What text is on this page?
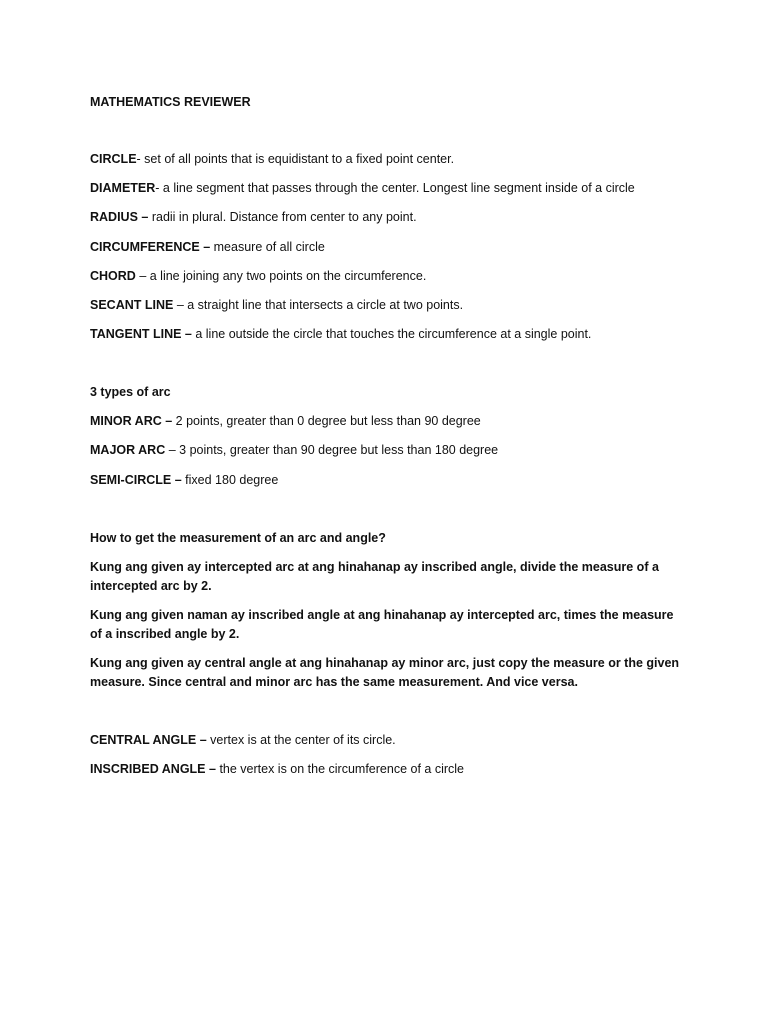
MATHEMATICS REVIEWER
CIRCLE- set of all points that is equidistant to a fixed point center.
DIAMETER- a line segment that passes through the center. Longest line segment inside of a circle
RADIUS – radii in plural. Distance from center to any point.
CIRCUMFERENCE – measure of all circle
CHORD – a line joining any two points on the circumference.
SECANT LINE – a straight line that intersects a circle at two points.
TANGENT LINE – a line outside the circle that touches the circumference at a single point.
3 types of arc
MINOR ARC – 2 points, greater than 0 degree but less than 90 degree
MAJOR ARC – 3 points, greater than 90 degree but less than 180 degree
SEMI-CIRCLE – fixed 180 degree
How to get the measurement of an arc and angle?
Kung ang given ay intercepted arc at ang hinahanap ay inscribed angle, divide the measure of a intercepted arc by 2.
Kung ang given naman ay inscribed angle at ang hinahanap ay intercepted arc, times the measure of a inscribed angle by 2.
Kung ang given ay central angle at ang hinahanap ay minor arc, just copy the measure or the given measure. Since central and minor arc has the same measurement. And vice versa.
CENTRAL ANGLE – vertex is at the center of its circle.
INSCRIBED ANGLE – the vertex is on the circumference of a circle
